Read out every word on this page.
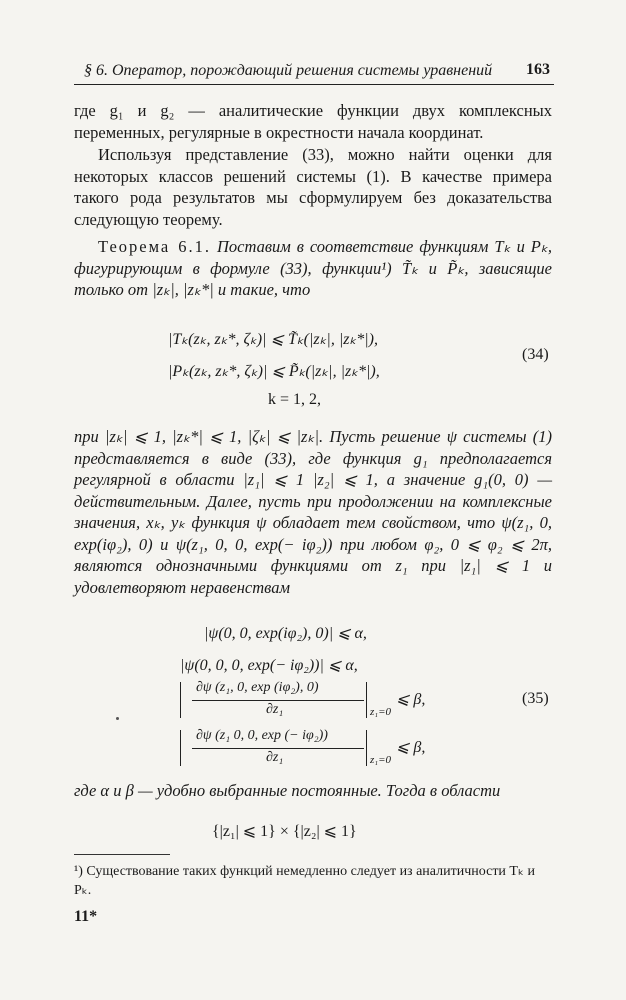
§ 6. Оператор, порождающий решения системы уравнений 163
где g₁ и g₂ — аналитические функции двух комплексных переменных, регулярные в окрестности начала координат.
Используя представление (33), можно найти оценки для некоторых классов решений системы (1). В качестве примера такого рода результатов мы сформулируем без доказательства следующую теорему.
Теорема 6.1. Поставим в соответствие функциям Tₖ и Pₖ, фигурирующим в формуле (33), функции¹) T̃ₖ и P̃ₖ, зависящие только от |zₖ|, |zₖ*| и такие, что
|Tₖ(zₖ, zₖ*, ζₖ)| ⩽ T̃ₖ(|zₖ|, |zₖ*|),
|Pₖ(zₖ, zₖ*, ζₖ)| ⩽ P̃ₖ(|zₖ|, |zₖ*|),
k = 1, 2,
(34)
при |zₖ| ⩽ 1, |zₖ*| ⩽ 1, |ζₖ| ⩽ |zₖ|. Пусть решение ψ системы (1) представляется в виде (33), где функция g₁ предполагается регулярной в области |z₁| ⩽ 1 |z₂| ⩽ 1, а значение g₁(0, 0) — действительным. Далее, пусть при продолжении на комплексные значения, xₖ, yₖ функция ψ обладает тем свойством, что ψ(z₁, 0, exp(iφ₂), 0) и ψ(z₁, 0, 0, exp(− iφ₂)) при любом φ₂, 0 ⩽ φ₂ ⩽ 2π, являются однозначными функциями от z₁ при |z₁| ⩽ 1 и удовлетворяют неравенствам
|ψ(0, 0, exp(iφ₂), 0)| ⩽ α,
|ψ(0, 0, 0, exp(− iφ₂))| ⩽ α,
∂ψ (z₁, 0, exp (iφ₂), 0)
∂z₁	z₁=0
⩽ β,	(35)
∂ψ (z₁ 0, 0, exp (− iφ₂))
∂z₁	z₁=0
⩽ β,
где α и β — удобно выбранные постоянные. Тогда в области
{|z₁| ⩽ 1} × {|z₂| ⩽ 1}
¹) Существование таких функций немедленно следует из аналитичности Tₖ и Pₖ.
11*
